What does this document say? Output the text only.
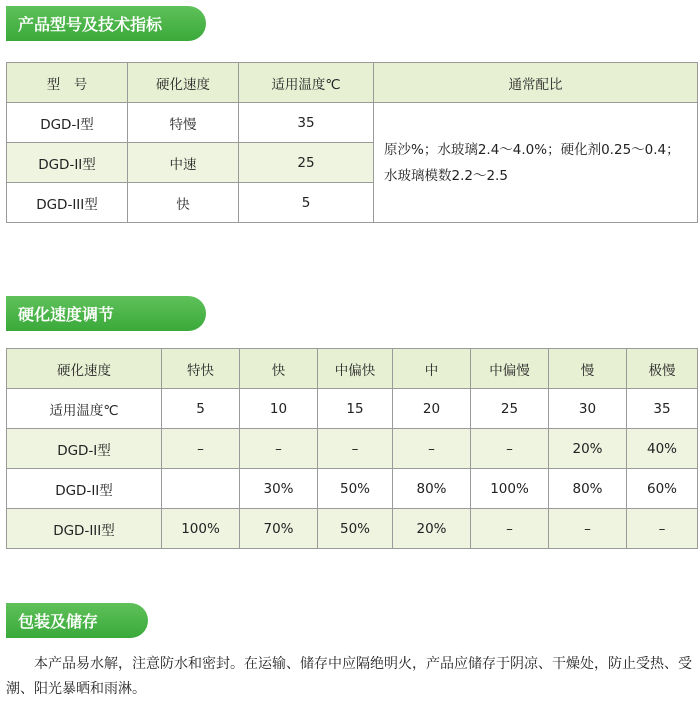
产品型号及技术指标
型　号	硬化速度	适用温度℃	通常配比
DGD-I型	特慢	35	原沙%；水玻璃2.4～4.0%；硬化剂0.25～0.4；
水玻璃模数2.2～2.5

DGD-II型	中速	25	
DGD-III型	快	5	
硬化速度调节
硬化速度	特快	快	中偏快	中	中偏慢	慢	极慢
适用温度℃	5	10	15	20	25	30	35
DGD-I型	–	–	–	–	–	20%	40%
DGD-II型		30%	50%	80%	100%	80%	60%
DGD-III型	100%	70%	50%	20%	–	–	–
包装及储存

本产品易水解，注意防水和密封。在运输、储存中应隔绝明火，产品应储存于阴凉、干燥处，防止受热、受潮、阳光暴晒和雨淋。
